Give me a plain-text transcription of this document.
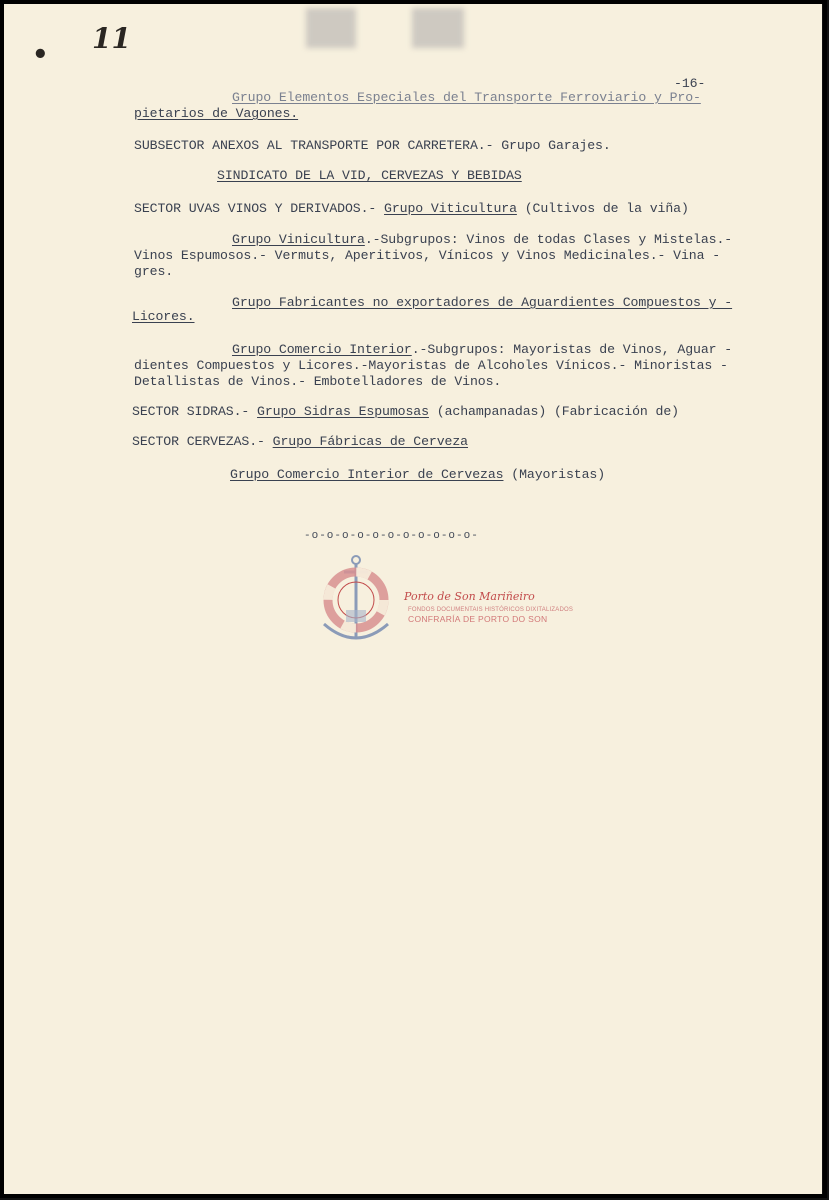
• 11
-16-
Grupo Elementos Especiales del Transporte Ferroviario y Pro-
pietarios de Vagones.
SUBSECTOR ANEXOS AL TRANSPORTE POR CARRETERA.- Grupo Garajes.
SINDICATO DE LA VID, CERVEZAS Y BEBIDAS
SECTOR UVAS VINOS Y DERIVADOS.- Grupo Viticultura (Cultivos de la viña)
Grupo Vinicultura.-Subgrupos: Vinos de todas Clases y Mistelas.-
Vinos Espumosos.- Vermuts, Aperitivos, Vínicos y Vinos Medicinales.- Vina -
gres.
Grupo Fabricantes no exportadores de Aguardientes Compuestos y -
Licores.
Grupo Comercio Interior.-Subgrupos: Mayoristas de Vinos, Aguar -
dientes Compuestos y Licores.-Mayoristas de Alcoholes Vínicos.- Minoristas -
Detallistas de Vinos.- Embotelladores de Vinos.
SECTOR SIDRAS.- Grupo Sidras Espumosas (achampanadas) (Fabricación de)
SECTOR CERVEZAS.- Grupo Fábricas de Cerveza
Grupo Comercio Interior de Cervezas (Mayoristas)
-o-o-o-o-o-o-o-o-o-o-o-
Porto de Son Mariñeiro
FONDOS DOCUMENTAIS HISTÓRICOS DIXITALIZADOS
CONFRARÍA DE PORTO DO SON
